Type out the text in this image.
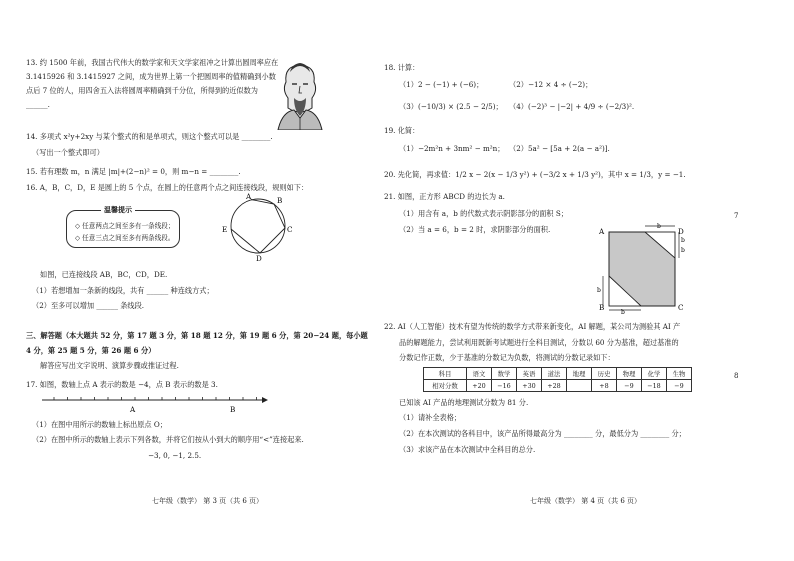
13. 约 1500 年前，我国古代伟大的数学家和天文学家祖冲之计算出圆周率应在
3.1415926 和 3.1415927 之间，成为世界上第一个把圆周率的值精确到小数
点后 7 位的人，用四舍五入法将圆周率精确到千分位，所得到的近似数为
______.
14. 多项式 x²y+2xy 与某个整式的和是单项式，则这个整式可以是 ________.
（写出一个整式即可）
15. 若有理数 m，n 满足 |m|+(2−n)² = 0，则 m−n = ________.
16. A，B，C，D，E 是圆上的 5 个点，在圆上的任意两个点之间连接线段，规则如下：
温馨提示
◇ 任意两点之间至多有一条线段；
◇ 任意三点之间至多有两条线段。
A	B
C
D
E
如图，已连接线段 AB，BC，CD，DE.
（1）若想增加一条新的线段，共有 ______ 种连线方式；
（2）至多可以增加 ______ 条线段.
三、解答题（本大题共 52 分，第 17 题 3 分，第 18 题 12 分，第 19 题 6 分，第 20−24 题，每小题
4 分，第 25 题 5 分，第 26 题 6 分）
解答应写出文字说明、演算步骤或推证过程.
17. 如图，数轴上点 A 表示的数是 −4，点 B 表示的数是 3.
A	B
（1）在图中用所示的数轴上标出原点 O；
（2）在图中所示的数轴上表示下列各数，并将它们按从小到大的顺序用“<”连接起来.
−3, 0, −1, 2.5.
七年级（数学） 第 3 页（共 6 页）
18. 计算：
（1）2 − (−1) + (−6)；	（2）−12 × 4 ÷ (−2)；
（3）(−10/3) × (2.5 − 2/5)； （4）(−2)³ − |−2| + 4/9 ÷ (−2/3)².
19. 化简：
（1）−2m²n + 3nm² − m²n； （2）5a² − [5a + 2(a − a²)].
20. 先化简，再求值：1/2 x − 2(x − 1/3 y²) + (−3/2 x + 1/3 y²)，其中 x = 1/3，y = −1.
21. 如图，正方形 ABCD 的边长为 a.
（1）用含有 a，b 的代数式表示阴影部分的面积 S；
（2）当 a = 6，b = 2 时，求阴影部分的面积.	b
b
b
b
b
A	D
B	C
22. AI（人工智能）技术有望为传统的数学方式带来新变化，AI 解题，某公司为测验其 AI 产
品的解题能力，尝试利用既新考试题进行全科目测试，分数以 60 分为基准，超过基准的
分数记作正数，少于基准的分数记为负数，将测试的分数记录如下：
科目	语文	数学	英语	道法	地理	历史	物理	化学	生物
相对分数	+20	−16	+30	+28		+8	−9	−18	−9
已知该 AI 产品的地理测试分数为 81 分.
（1）请补全表格；
（2）在本次测试的各科目中，该产品所得最高分为 ________ 分，最低分为 ________ 分；
（3）求该产品在本次测试中全科目的总分.
七年级（数学） 第 4 页（共 6 页）
7
8
